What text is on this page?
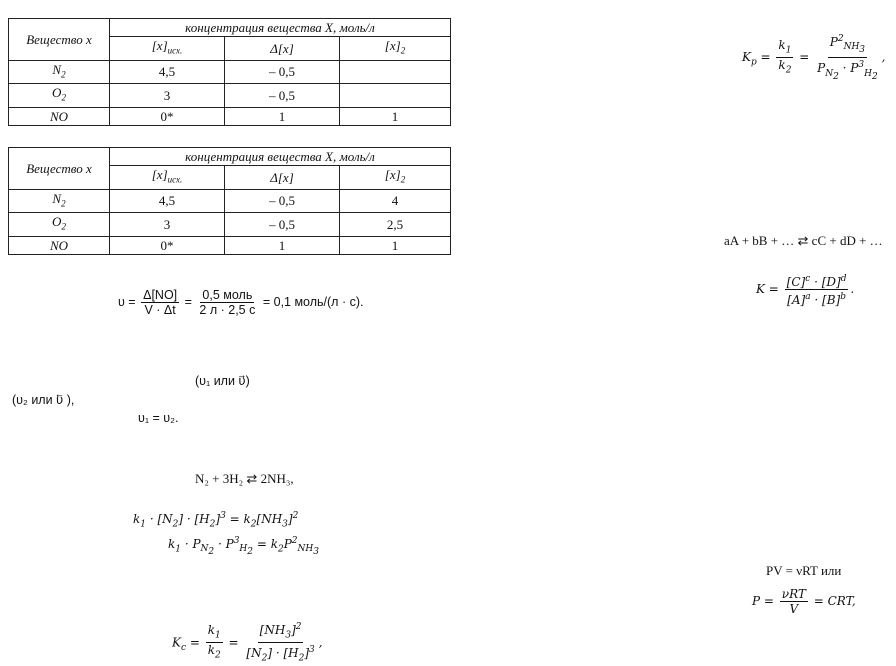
Вещество x	концентрация вещества X, моль/л		
	$[x]_{исх.}$	Δ[x]	$[x]_2$
$N_2$	4,5	– 0,5	
$O_2$	3	– 0,5	
NO	0*	1	1
Вещество x	концентрация вещества X, моль/л		
	$[x]_{исх.}$	Δ[x]	$[x]_2$
$N_2$	4,5	– 0,5	4
$O_2$	3	– 0,5	2,5
NO	0*	1	1
$\upsilon = \frac{\Delta[NO]}{V \cdot \Delta t} = \frac{\text{0,5 моль}}{2 л \cdot 2,5 с} = 0,1$ моль/(л · с).
(υ₁ или υ⃗)
(υ₂ или υ⃖ ),
υ₁ = υ₂.
N₂ + 3H₂ ⇄ 2NH₃,
$k_1 \cdot [N_2] \cdot [H_2]^3 = k_2[NH_3]^2$
$k_1 \cdot P_{N_2} \cdot P^3_{H_2} = k_2P^2_{NH_3}$
$K_c = \frac{k_1}{k_2} = \frac{[NH_3]^2}{[N_2] \cdot [H_2]^3}$ ,
$K_p = \frac{k_1}{k_2} = \frac{P^2_{NH_3}}{P_{N_2} \cdot P^3_{H_2}}$ ,
aA + bB + … ⇄ cC + dD + …
$K = \frac{[C]^c \cdot [D]^d}{[A]^a \cdot [B]^b}$ .
PV = νRT или
$P = \frac{\text{νRT}}{V}$ = CRT,
